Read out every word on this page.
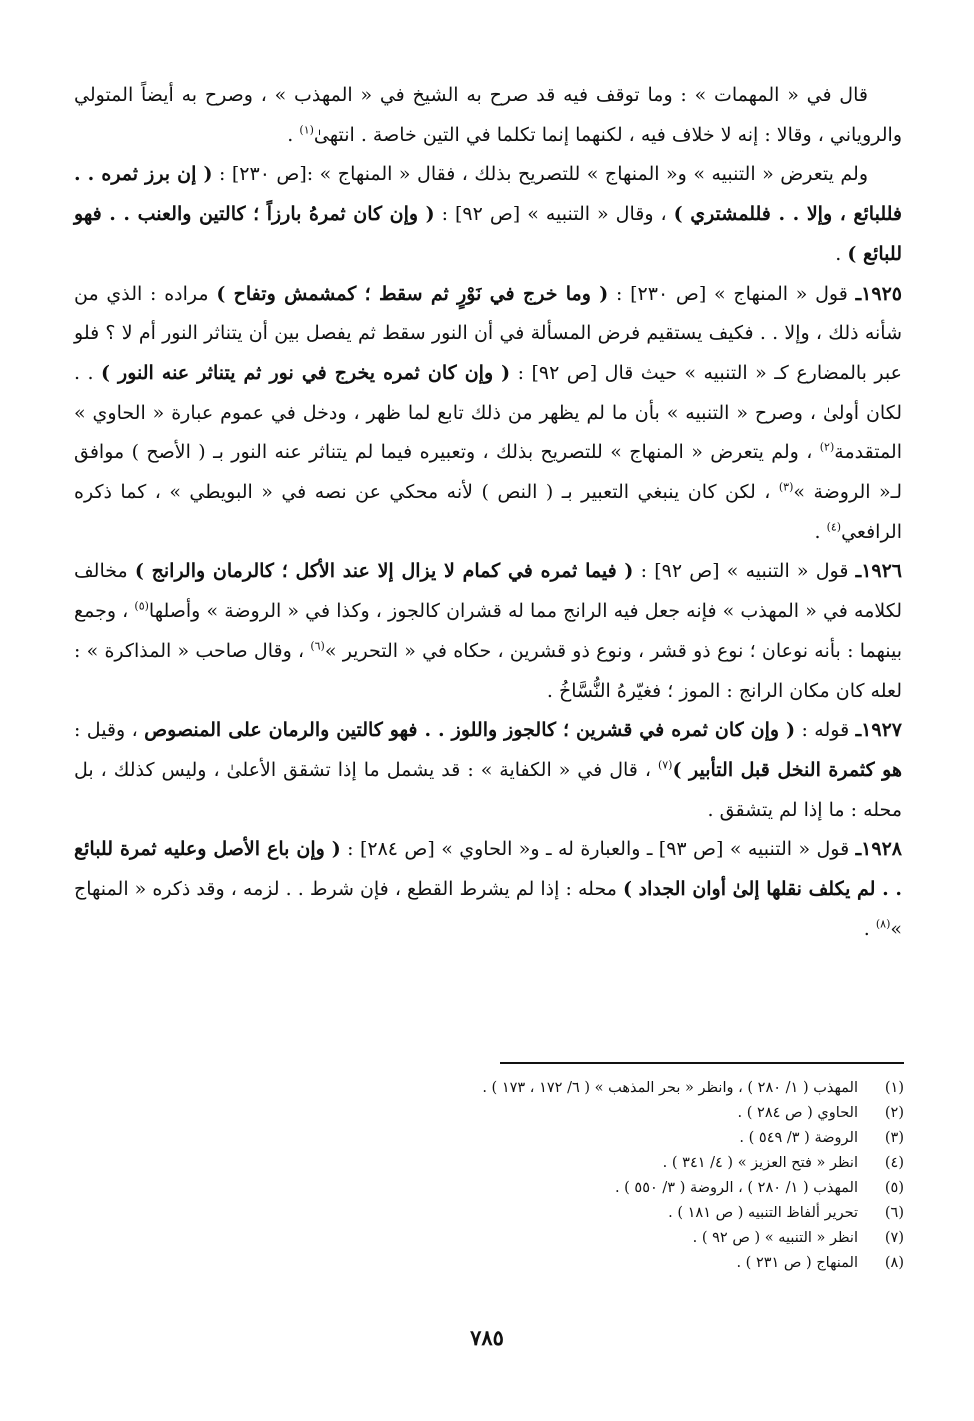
قال في « المهمات » : وما توقف فيه قد صرح به الشيخ في « المهذب » ، وصرح به أيضاً المتولي والروياني ، وقالا : إنه لا خلاف فيه ، لكنهما إنما تكلما في التين خاصة . انتهىٰ$^{(١)}$ .

ولم يتعرض « التنبيه » و« المنهاج » للتصريح بذلك ، فقال « المنهاج » :[ص ٢٣٠] : ( إن برز ثمره . . فللبائع ، وإلا . . فللمشتري ) ، وقال « التنبيه » [ص ٩٢] : ( وإن كان ثمرهُ بارزاً ؛ كالتين والعنب . . فهو للبائع ) .

١٩٢٥ـ قول « المنهاج » [ص ٢٣٠] : ( وما خرج في نَوْرٍ ثم سقط ؛ كمشمش وتفاح ) مراده : الذي من شأنه ذلك ، وإلا . . فكيف يستقيم فرض المسألة في أن النور سقط ثم يفصل بين أن يتناثر النور أم لا ؟ فلو عبر بالمضارع كـ « التنبيه » حيث قال [ص ٩٢] : ( وإن كان ثمره يخرج في نور ثم يتناثر عنه النور ) . . لكان أولىٰ ، وصرح « التنبيه » بأن ما لم يظهر من ذلك تابع لما ظهر ، ودخل في عموم عبارة « الحاوي » المتقدمة$^{(٢)}$ ، ولم يتعرض « المنهاج » للتصريح بذلك ، وتعبيره فيما لم يتناثر عنه النور بـ ( الأصح ) موافق لـ« الروضة »$^{(٣)}$ ، لكن كان ينبغي التعبير بـ ( النص ) لأنه محكي عن نصه في « البويطي » ، كما ذكره الرافعي$^{(٤)}$ .

١٩٢٦ـ قول « التنبيه » [ص ٩٢] : ( فيما ثمره في كمام لا يزال إلا عند الأكل ؛ كالرمان والرانج ) مخالف لكلامه في « المهذب » فإنه جعل فيه الرانج مما له قشران كالجوز ، وكذا في « الروضة » وأصلها$^{(٥)}$ ، وجمع بينهما : بأنه نوعان ؛ نوع ذو قشر ، ونوع ذو قشرين ، حكاه في « التحرير »$^{(٦)}$ ، وقال صاحب « المذاكرة » : لعله كان مكان الرانج : الموز ؛ فغيّرهُ النُّسَّاخُ .

١٩٢٧ـ قوله : ( وإن كان ثمره في قشرين ؛ كالجوز واللوز . . فهو كالتين والرمان على المنصوص ، وقيل : هو كثمرة النخل قبل التأبير )$^{(٧)}$ ، قال في « الكفاية » : قد يشمل ما إذا تشقق الأعلىٰ ، وليس كذلك ، بل محله : ما إذا لم يتشقق .

١٩٢٨ـ قول « التنبيه » [ص ٩٣] ـ والعبارة له ـ و« الحاوي » [ص ٢٨٤] : ( وإن باع الأصل وعليه ثمرة للبائع . . لم يكلف نقلها إلىٰ أوان الجداد ) محله : إذا لم يشرط القطع ، فإن شرط . . لزمه ، وقد ذكره « المنهاج »$^{(٨)}$ .

(١)
المهذب ( ١/ ٢٨٠ ) ، وانظر « بحر المذهب » ( ٦/ ١٧٢ ، ١٧٣ ) .
(٢)
الحاوي ( ص ٢٨٤ ) .
(٣)
الروضة ( ٣/ ٥٤٩ ) .
(٤)
انظر « فتح العزيز » ( ٤/ ٣٤١ ) .
(٥)
المهذب ( ١/ ٢٨٠ ) ، الروضة ( ٣/ ٥٥٠ ) .
(٦)
تحرير ألفاظ التنبيه ( ص ١٨١ ) .
(٧)
انظر « التنبيه » ( ص ٩٢ ) .
(٨)
المنهاج ( ص ٢٣١ ) .
٧٨٥
